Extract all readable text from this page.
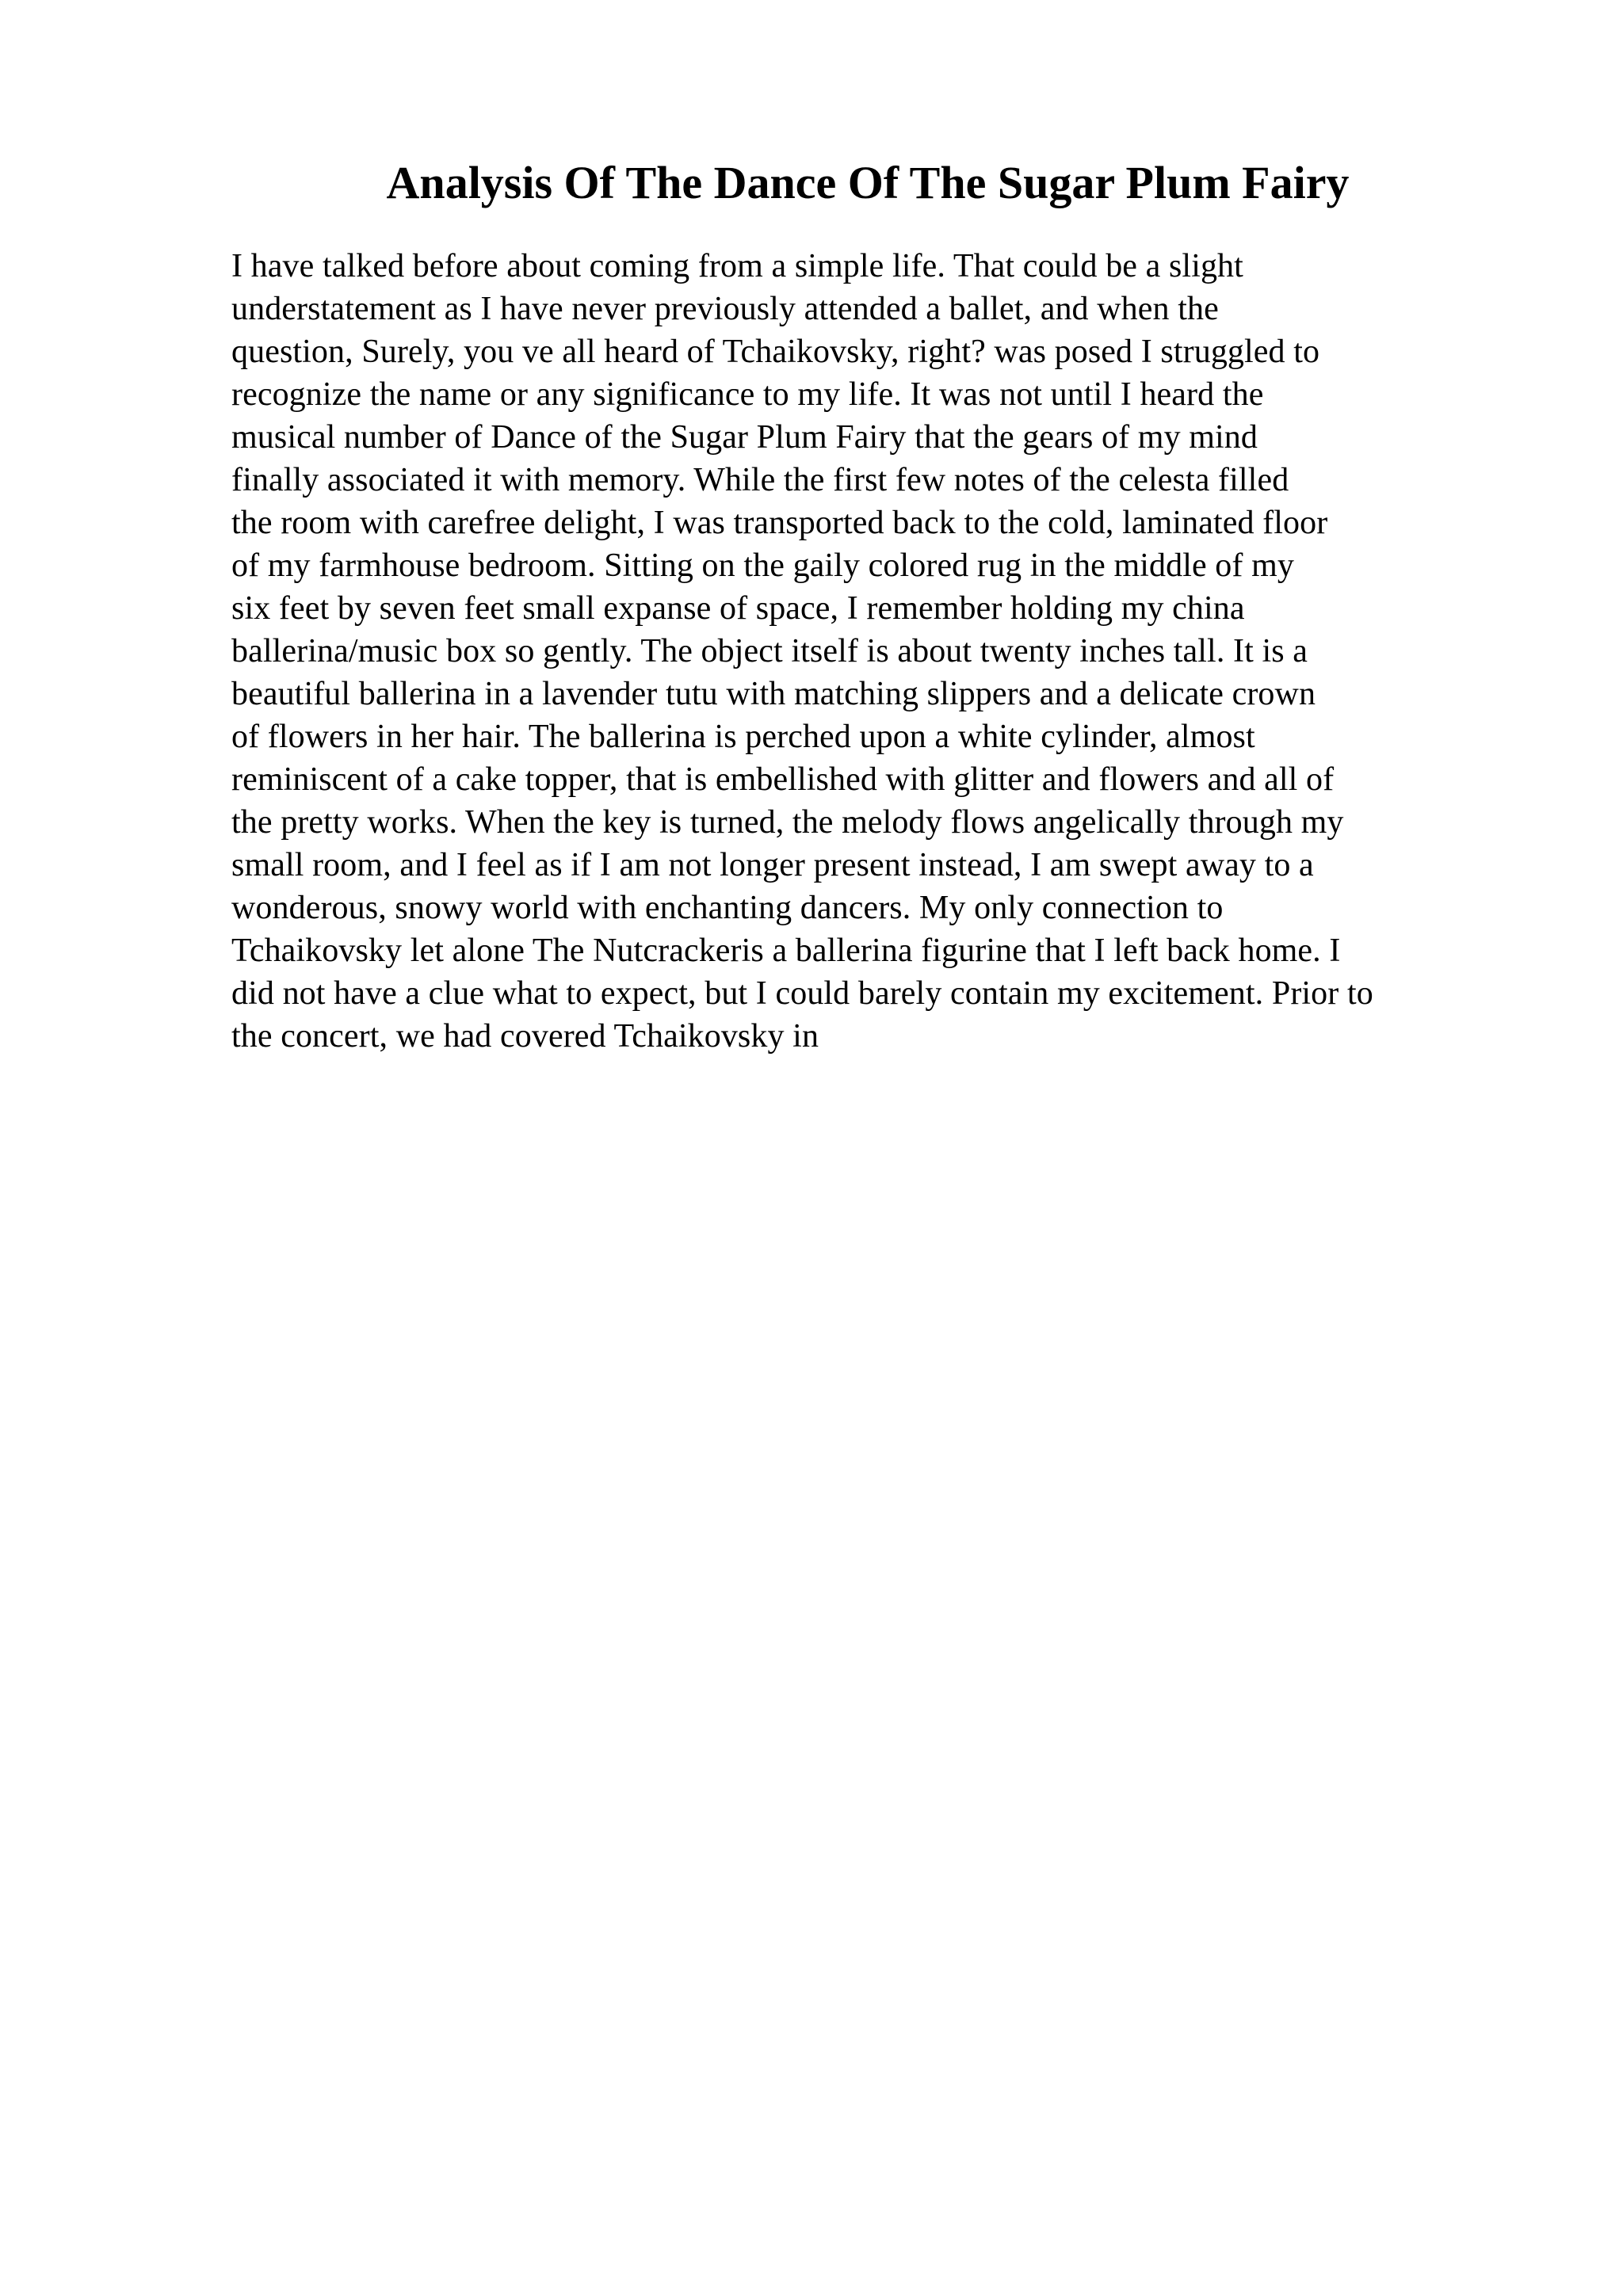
Analysis Of The Dance Of The Sugar Plum Fairy
I have talked before about coming from a simple life. That could be a slight
understatement as I have never previously attended a ballet, and when the
question, Surely, you ve all heard of Tchaikovsky, right? was posed I struggled to
recognize the name or any significance to my life. It was not until I heard the
musical number of Dance of the Sugar Plum Fairy that the gears of my mind
finally associated it with memory. While the first few notes of the celesta filled
the room with carefree delight, I was transported back to the cold, laminated floor
of my farmhouse bedroom. Sitting on the gaily colored rug in the middle of my
six feet by seven feet small expanse of space, I remember holding my china
ballerina/music box so gently. The object itself is about twenty inches tall. It is a
beautiful ballerina in a lavender tutu with matching slippers and a delicate crown
of flowers in her hair. The ballerina is perched upon a white cylinder, almost
reminiscent of a cake topper, that is embellished with glitter and flowers and all of
the pretty works. When the key is turned, the melody flows angelically through my
small room, and I feel as if I am not longer present instead, I am swept away to a
wonderous, snowy world with enchanting dancers. My only connection to
Tchaikovsky let alone The Nutcrackeris a ballerina figurine that I left back home. I
did not have a clue what to expect, but I could barely contain my excitement. Prior to
the concert, we had covered Tchaikovsky in
